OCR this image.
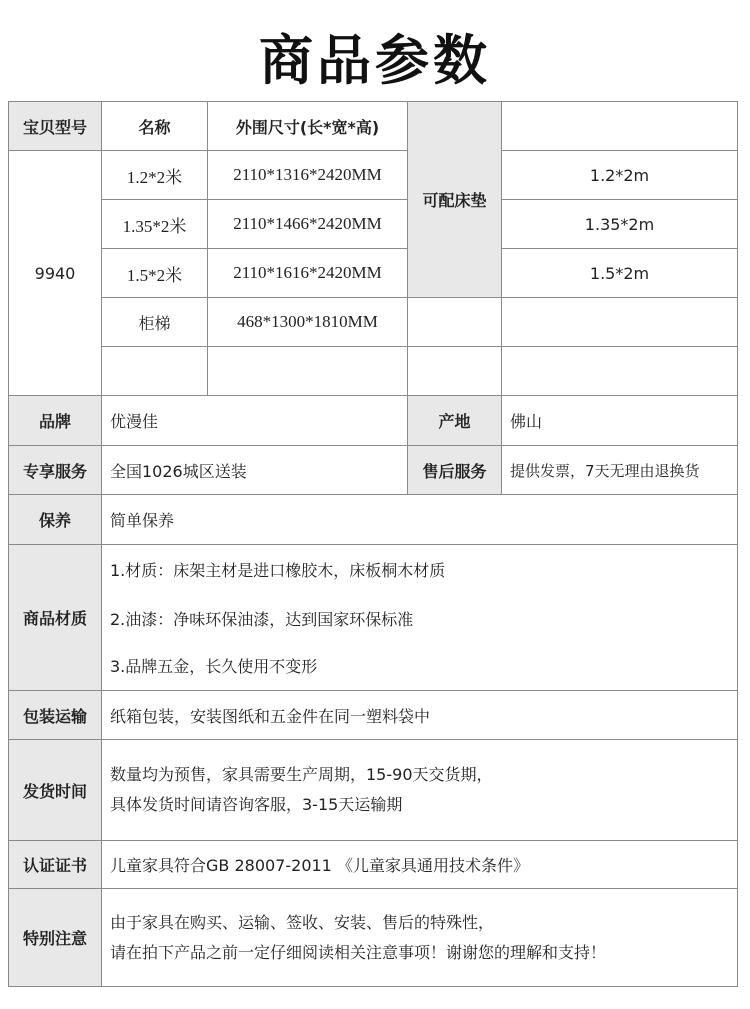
商品参数
宝贝型号	名称	外围尺寸(长*宽*高)	可配床垫	
9940	1.2*2米	2110*1316*2420MM		1.2*2m
	1.35*2米	2110*1466*2420MM		1.35*2m
	1.5*2米	2110*1616*2420MM		1.5*2m
	柜梯	468*1300*1810MM		

品牌	优漫佳		产地	佛山
专享服务	全国1026城区送装		售后服务	提供发票，7天无理由退换货
保养	简单保养			
商品材质	1.材质：床架主材是进口橡胶木，床板桐木材质
2.油漆：净味环保油漆，达到国家环保标准
3.品牌五金，长久使用不变形			

包装运输	纸箱包装，安装图纸和五金件在同一塑料袋中			
发货时间	数量均为预售，家具需要生产周期，15-90天交货期，
具体发货时间请咨询客服，3-15天运输期			

认证证书	儿童家具符合GB 28007-2011 《儿童家具通用技术条件》			
特别注意	由于家具在购买、运输、签收、安装、售后的特殊性，
请在拍下产品之前一定仔细阅读相关注意事项！谢谢您的理解和支持！			
